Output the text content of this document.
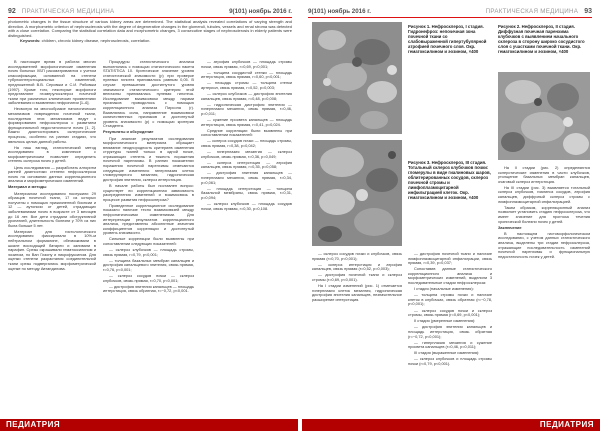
92 ПРАКТИЧЕСКАЯ МЕДИЦИНА	9(101) ноябрь 2016 г.
photometric changes in the tissue structure of various kidney areas are determined. The statistical analysis revealed correlations of varying strength and direction. A morphometric criterion of nephrosclerosis with the degree of degenerative changes in the glomeruli, tubules, vessels and renal stroma was detected with a close correlation. Comparing the statistical correlation data and morphometric changes, 3 consecutive stages of nephrosclerosis in elderly patients were distinguished.
Keywords: children, chronic kidney disease, nephrosclerosis, correlation.

В настоящее время в работах многих исследователей морфологические изменения почек больных ХБП рассматриваются с учетом классификации, основанной на степени тубулоинтерстициальных изменений, предложенной В.В. Серовым и С.И. Рябовым (1997). Кроме того, некоторые морфологи представляют гломерулосклероз почечной ткани при различных клинических проявлениях заболевания и выявлении нефропатии [1–6].

Несмотря на многообразие патологических механизмов повреждения почечной ткани, последствия этих механизмов ведут к формированию нефросклероза с развитием функциональной недостаточности почек [1, 2]. Важно диагностировать склеротические процессы, особенно на ранних стадиях, что являлось целью данной работы.

На наш взгляд, статистический метод исследования в комплексе с морфометрическим позволяет определить степень склероза почек у детей.

Цель исследования — разработать алгоритм ранней диагностики степени нефросклероза почек на основании данных корреляционного анализа и морфометрических изменений.

Материал и методы

Материалом исследования послужили 29 образцов почечной ткани, 17 из которых получены с помощью прижизненной биопсии и 12 — аутопсии от детей, страдающих заболеваниями почек в возрасте от 3 месяцев до 16 лет. Все дети страдали обструктивной уропатией, длительность болезни у 70% из них была больше 5 лет.

Материал для гистологического исследования фиксировали в 10%-м нейтральном формалине, обезвоживали в шкале восходящей батареи и заливали в парафин. Срезы окрашивали гематоксилином и эозином, по Ван Гизону и пикрофуксином. Для оценки степени разрастания соединительной ткани срезы подвергались морфометрической оценке по методу Автандилова.

Процедуры статистического анализа выполнялись с помощью статистического пакета STATISTICA 10. Критическое значение уровня статистической значимости (р) при проверке нулевых гипотез принималось равным 0,05. В случае превышения достигнутого уровня значимости статистического критерия этой величины принималась нулевая гипотеза. Исследование взаимосвязи между парами признаков проводилось с помощью корреляционного анализа Пирсона (r). Выявлялись сила, направление взаимосвязи количественных признаков и достигнутый уровень значимости (p) с помощью критерия Стьюдента.

Результаты и обсуждение

При анализе результатов исследования морфологического материала обращает внимание неоднородность критериев изменения структуры тканей только в одной почке, отражающих степень и тяжесть поражения почечной паренхимы. В ранних показателях поражения почечной паренхимы отмечаются следующие изменения: гиперплазия клеток гломерулярного мезангия, гидропическая дистрофия эпителия, склероз интерстиция.

В начале работы был поставлен вопрос: существует ли корреляционная зависимость распределения изменений и взаимосвязь в процессе развития нефросклероза?

Проведенное корреляционное исследование показало наличие тесно взаимосвязей между нефропатическими изменениями. Для интерпретации результатов корреляционного анализа, представлены абсолютные значения коэффициентов корреляции и достигнутый уровень значимости.

Сильные корреляции были выявлены при сопоставлении следующих показателей:

— склероз клубочков — площадь стромы, связь прямая, r=0,79, p<0,001;

— толщина базальных мембран канальцев и дистрофия канальцевого эпителия, связь прямая, r=0,76, p<0,001;

— склероз сосудов почки — склероз клубочков, связь прямая, r=0,70, p<0,001;

— дистрофия эпителия канальцев — площадь интерстиция, связь обратная, r=−0,72, p<0,001.

— атрофия клубочков — площадь стромы почки, связь прямая, r=0,69, p<0,001;

— толщина сосудистой стенки — площадь интерстиция, связь прямая, r=0,60, p<0,001;

— площадь стромы — толщина стенки артериол, связь прямая, r=0,52, p=0,003;

— склероз клубочков — дистрофия эпителия канальцев, связь прямая, r=0,48, p=0,008;

— гидропическая дистрофия эпителия — гиперплазия мезангия, связь прямая, r=0,46, p=0,011;

— сужение просвета канальцев — площадь интерстиция, связь прямая, r=0,41, p=0,024.

Средние корреляции были выявлены при сопоставлении показателей:

— склероз сосудов почки — площадь стромы, связь прямая, r=0,38, p=0,042;

— гиперплазия мезангия — склероз клубочков, связь прямая, r=0,36, p=0,049;

— склероз интерстиция — атрофия канальцев, связь прямая, r=0,35, p=0,058;

— дистрофия эпителия канальцев — гиперплазия мезангия, связь прямая, r=0,34, p=0,061;

— площадь интерстиция — толщина базальной мембраны, связь прямая, r=0,31, p=0,094;

— склероз клубочков — площадь сосудов почки, связь прямая, r=0,30, p=0,108.

ПЕДИАТРИЯ
9(101) ноябрь 2016 г.	ПРАКТИЧЕСКАЯ МЕДИЦИНА 93
Рисунок 1. Нефросклероз, I стадия. Гидронефроз: непочечная зона почечной ткани со слабовыраженной гипертубулярной атрофией почечного слоя. Окр. гематоксилином и эозином, ×400
Рисунок 2. Нефросклероз, II стадия. Диффузная почечная паренхима клубочков с выявлением начального склероза в сторону широко сосудистого слоя с участками почечной ткани. Окр. гематоксилином и эозином, ×400
Рисунок 3. Нефросклероз, III стадия. Тотальный склероз клубочков почки: гломерулы в виде гиалиновых шаров, облитерированных сосудов, склероз почечной стромы и лимфоплазмоцитарной инфильтрацией клеток. Окр. гематоксилином и эозином, ×400

— дистрофия почечной ткани и наличие лимфоплазмоцитарной инфильтрации, связь прямая, r=0,39, p=0,037;

Сопоставив данные статистического корреляционного анализа и морфометрических изменений, выделили 3 последовательные стадии нефросклероза:

I стадия (начальные изменения):

— толщина стромы почки и наличие клеток в клубочках, связь обратная (r=−0,78, p<0,001);

— склероз сосудов почки и склероз стромы, связь прямая (r=0,69, p<0,001);

II стадия (умеренные изменения):

— дистрофия эпителия канальцев и площадь интерстиция, связь обратная (r=−0,72, p<0,001);

— гиперплазия мезангия и сужение просвета канальцев (r=0,46, p=0,011);

III стадия (выраженные изменения):

— склероз клубочков и площадь стромы почки (r=0,79, p<0,001).

— склероз сосудов почки и клубочков, связь прямая (r=0,70, p<0,001);

— склероз интерстиция и атрофия канальцев, связь прямая (r=0,52, p=0,003);

— дистрофия почечной ткани и склероз стромы (r=0,69, p<0,001).

На I стадии изменений (рис. 1) отмечается гиперплазия клеток мезангия, гидропическая дистрофия эпителия канальцев, незначительное расширение интерстиция.

На II стадии (рис. 2) определяются склеротические изменения в части клубочков, утолщение базальных мембран канальцев, очаговый склероз интерстиция.

На III стадии (рис. 3) выявляется тотальный склероз клубочков, гиалиноз сосудов, атрофия канальцев, диффузный склероз стромы с лимфоплазмоцитарной инфильтрацией.

Таким образом, корреляционный анализ позволяет установить стадию нефросклероза, что имеет значение для прогноза течения хронической болезни почек у детей.

Заключение

В настоящем гистоморфологическом исследовании, с учетом данных статистического анализа, выделены три стадии нефросклероза, отражающие последовательность изменений почечной паренхимы и функциональную недостаточность почек у детей.

ПЕДИАТРИЯ
